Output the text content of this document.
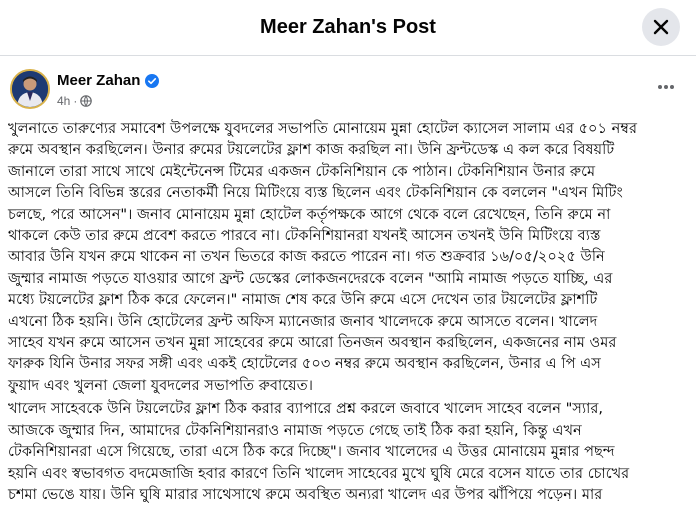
Meer Zahan's Post
Meer Zahan
4h ·

খুলনাতে তারুণ্যের সমাবেশ উপলক্ষে যুবদলের সভাপতি মোনায়েম মুন্না হোটেল ক্যাসেল সালাম এর ৫০১ নম্বর

রুমে অবস্থান করছিলেন। উনার রুমের টয়লেটের ফ্লাশ কাজ করছিল না। উনি ফ্রন্টডেস্ক এ কল করে বিষয়টি

জানালে তারা সাথে সাথে মেইন্টেনেন্স টিমের একজন টেকনিশিয়ান কে পাঠান। টেকনিশিয়ান উনার রুমে

আসলে তিনি বিভিন্ন স্তরের নেতাকর্মী নিয়ে মিটিংয়ে ব্যস্ত ছিলেন এবং টেকনিশিয়ান কে বললেন "এখন মিটিং

চলছে, পরে আসেন"। জনাব মোনায়েম মুন্না হোটেল কর্তৃপক্ষকে আগে থেকে বলে রেখেছেন, তিনি রুমে না

থাকলে কেউ তার রুমে প্রবেশ করতে পারবে না। টেকনিশিয়ানরা যখনই আসেন তখনই উনি মিটিংয়ে ব্যস্ত

আবার উনি যখন রুমে থাকেন না তখন ভিতরে কাজ করতে পারেন না। গত শুক্রবার ১৬/০৫/২০২৫ উনি

জুম্মার নামাজ পড়তে যাওয়ার আগে ফ্রন্ট ডেস্কের লোকজনদেরকে বলেন "আমি নামাজ পড়তে যাচ্ছি, এর

মধ্যে টয়লেটের ফ্লাশ ঠিক করে ফেলেন।" নামাজ শেষ করে উনি রুমে এসে দেখেন তার টয়লেটের ফ্লাশটি

এখনো ঠিক হয়নি। উনি হোটেলের ফ্রন্ট অফিস ম্যানেজার জনাব খালেদকে রুমে আসতে বলেন। খালেদ

সাহেব যখন রুমে আসেন তখন মুন্না সাহেবের রুমে আরো তিনজন অবস্থান করছিলেন, একজনের নাম ওমর

ফারুক যিনি উনার সফর সঙ্গী এবং একই হোটেলের ৫০৩ নম্বর রুমে অবস্থান করছিলেন, উনার এ পি এস

ফুয়াদ এবং খুলনা জেলা যুবদলের সভাপতি রুবায়েত।

খালেদ সাহেবকে উনি টয়লেটের ফ্লাশ ঠিক করার ব্যাপারে প্রশ্ন করলে জবাবে খালেদ সাহেব বলেন "স্যার,

আজকে জুম্মার দিন, আমাদের টেকনিশিয়ানরাও নামাজ পড়তে গেছে তাই ঠিক করা হয়নি, কিন্তু এখন

টেকনিশিয়ানরা এসে গিয়েছে, তারা এসে ঠিক করে দিচ্ছে"। জনাব খালেদের এ উত্তর মোনায়েম মুন্নার পছন্দ

হয়নি এবং স্বভাবগত বদমেজাজি হবার কারণে তিনি খালেদ সাহেবের মুখে ঘুষি মেরে বসেন যাতে তার চোখের

চশমা ভেঙে যায়। উনি ঘুষি মারার সাথেসাথে রুমে অবস্থিত অন্যরা খালেদ এর উপর ঝাঁপিয়ে পড়েন। মার
